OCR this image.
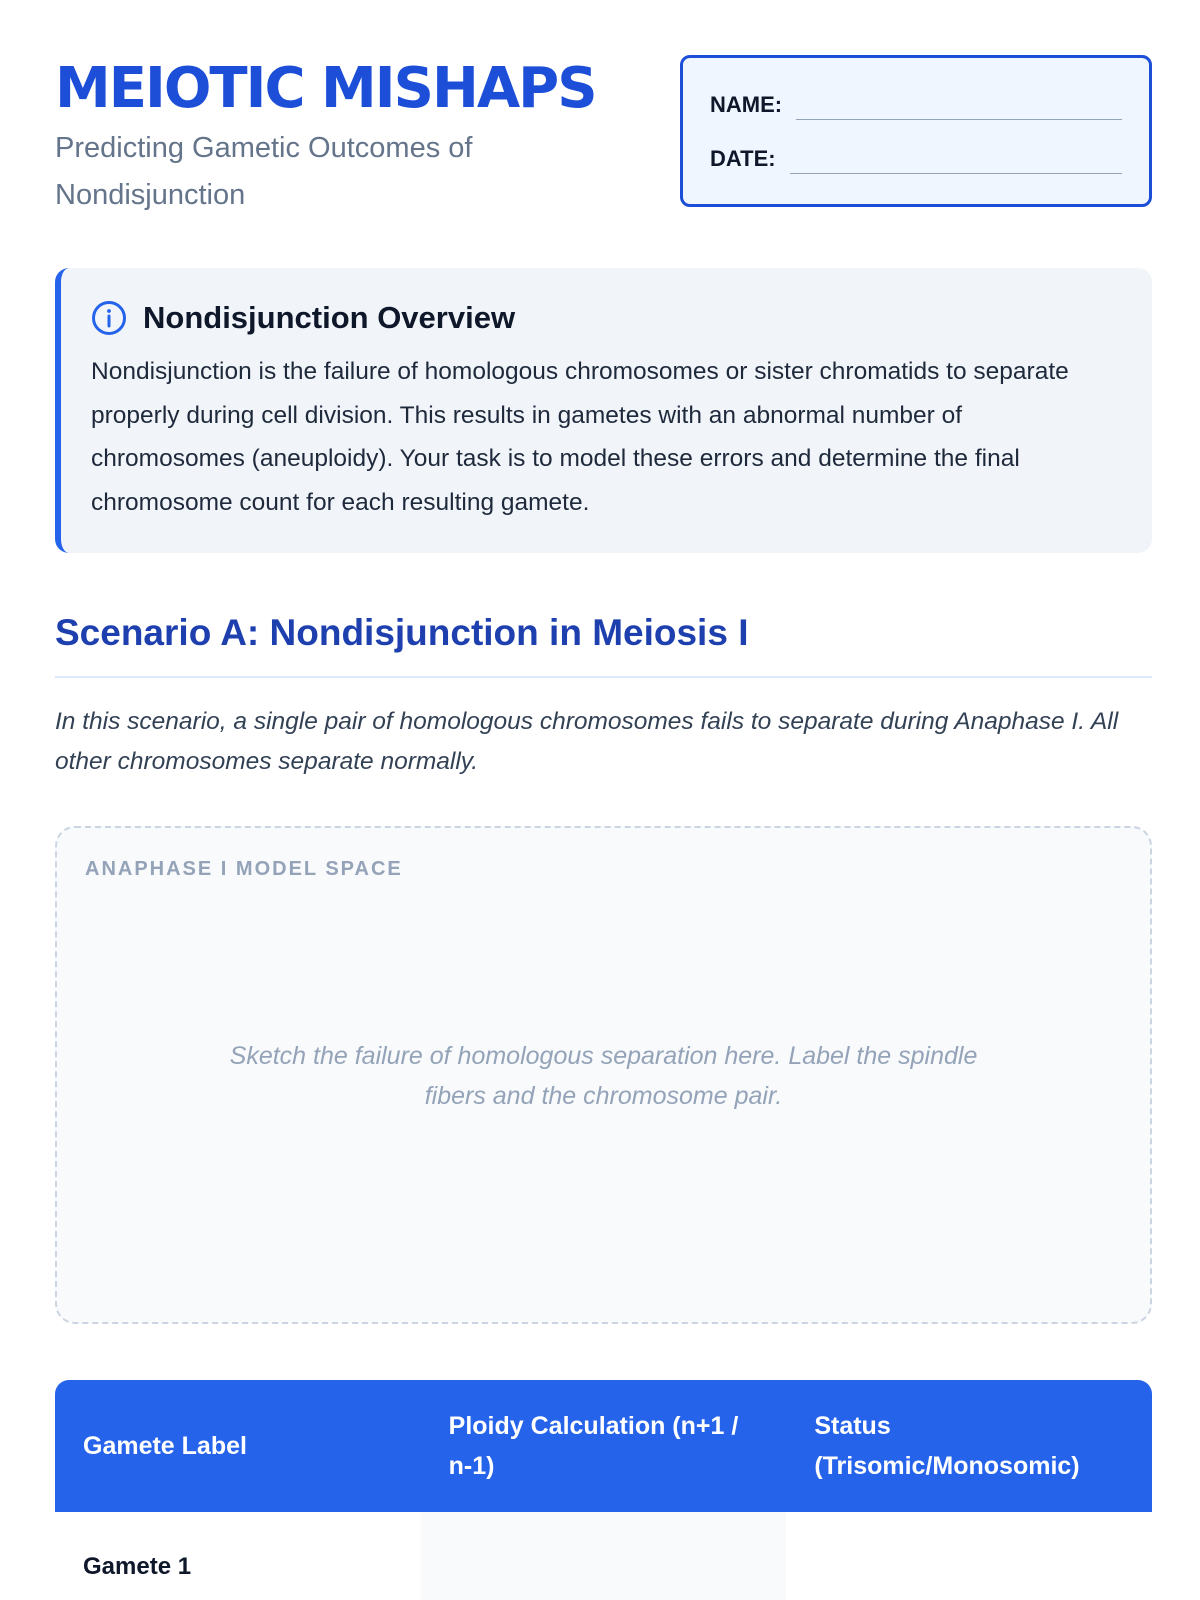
MEIOTIC MISHAPS
Predicting Gametic Outcomes of Nondisjunction
NAME:
DATE:
Nondisjunction Overview

Nondisjunction is the failure of homologous chromosomes or sister chromatids to separate properly during cell division. This results in gametes with an abnormal number of chromosomes (aneuploidy). Your task is to model these errors and determine the final chromosome count for each resulting gamete.

Scenario A: Nondisjunction in Meiosis I

In this scenario, a single pair of homologous chromosomes fails to separate during Anaphase I. All other chromosomes separate normally.

ANAPHASE I MODEL SPACE
Sketch the failure of homologous separation here. Label the spindle fibers and the chromosome pair.
Gamete Label	Ploidy Calculation (n+1 / n-1)	Status (Trisomic/Monosomic)
Gamete 1		
